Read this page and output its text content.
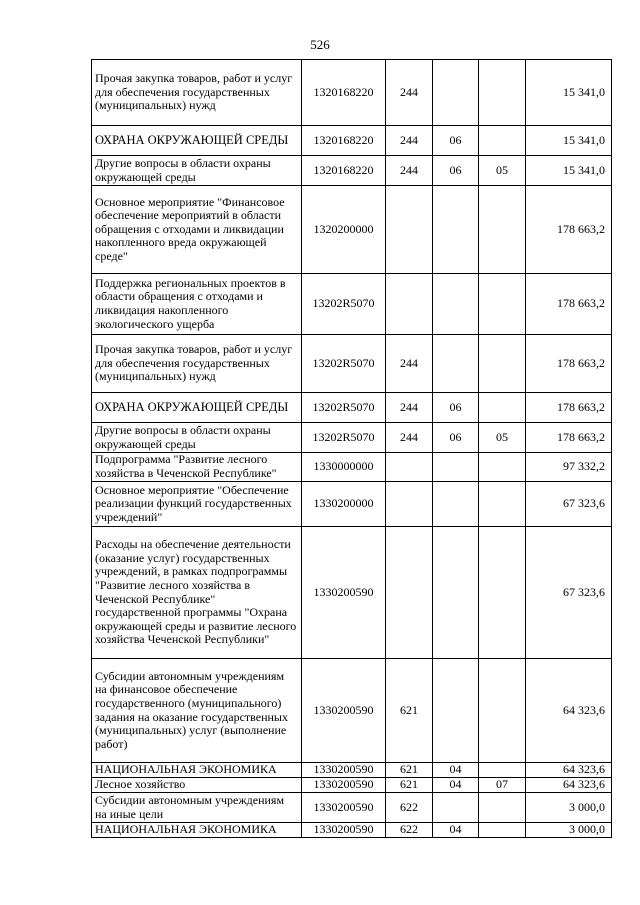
526
Прочая закупка товаров, работ и услуг для обеспечения государственных (муниципальных) нужд	1320168220	244			15 341,0
ОХРАНА ОКРУЖАЮЩЕЙ СРЕДЫ	1320168220	244	06		15 341,0
Другие вопросы в области охраны окружающей среды	1320168220	244	06	05	15 341,0
Основное мероприятие "Финансовое обеспечение мероприятий в области обращения с отходами и ликвидации накопленного вреда окружающей среде"	1320200000				178 663,2
Поддержка региональных проектов в области обращения с отходами и ликвидация накопленного экологического ущерба	13202R5070				178 663,2
Прочая закупка товаров, работ и услуг для обеспечения государственных (муниципальных) нужд	13202R5070	244			178 663,2
ОХРАНА ОКРУЖАЮЩЕЙ СРЕДЫ	13202R5070	244	06		178 663,2
Другие вопросы в области охраны окружающей среды	13202R5070	244	06	05	178 663,2
Подпрограмма "Развитие лесного хозяйства в Чеченской Республике"	1330000000				97 332,2
Основное мероприятие "Обеспечение реализации функций государственных учреждений"	1330200000				67 323,6
Расходы на обеспечение деятельности (оказание услуг) государственных учреждений, в рамках подпрограммы "Развитие лесного хозяйства в Чеченской Республике" государственной программы "Охрана окружающей среды и развитие лесного хозяйства Чеченской Республики"	1330200590				67 323,6
Субсидии автономным учреждениям на финансовое обеспечение государственного (муниципального) задания на оказание государственных (муниципальных) услуг (выполнение работ)	1330200590	621			64 323,6
НАЦИОНАЛЬНАЯ ЭКОНОМИКА	1330200590	621	04		64 323,6
Лесное хозяйство	1330200590	621	04	07	64 323,6
Субсидии автономным учреждениям на иные цели	1330200590	622			3 000,0
НАЦИОНАЛЬНАЯ ЭКОНОМИКА	1330200590	622	04		3 000,0
